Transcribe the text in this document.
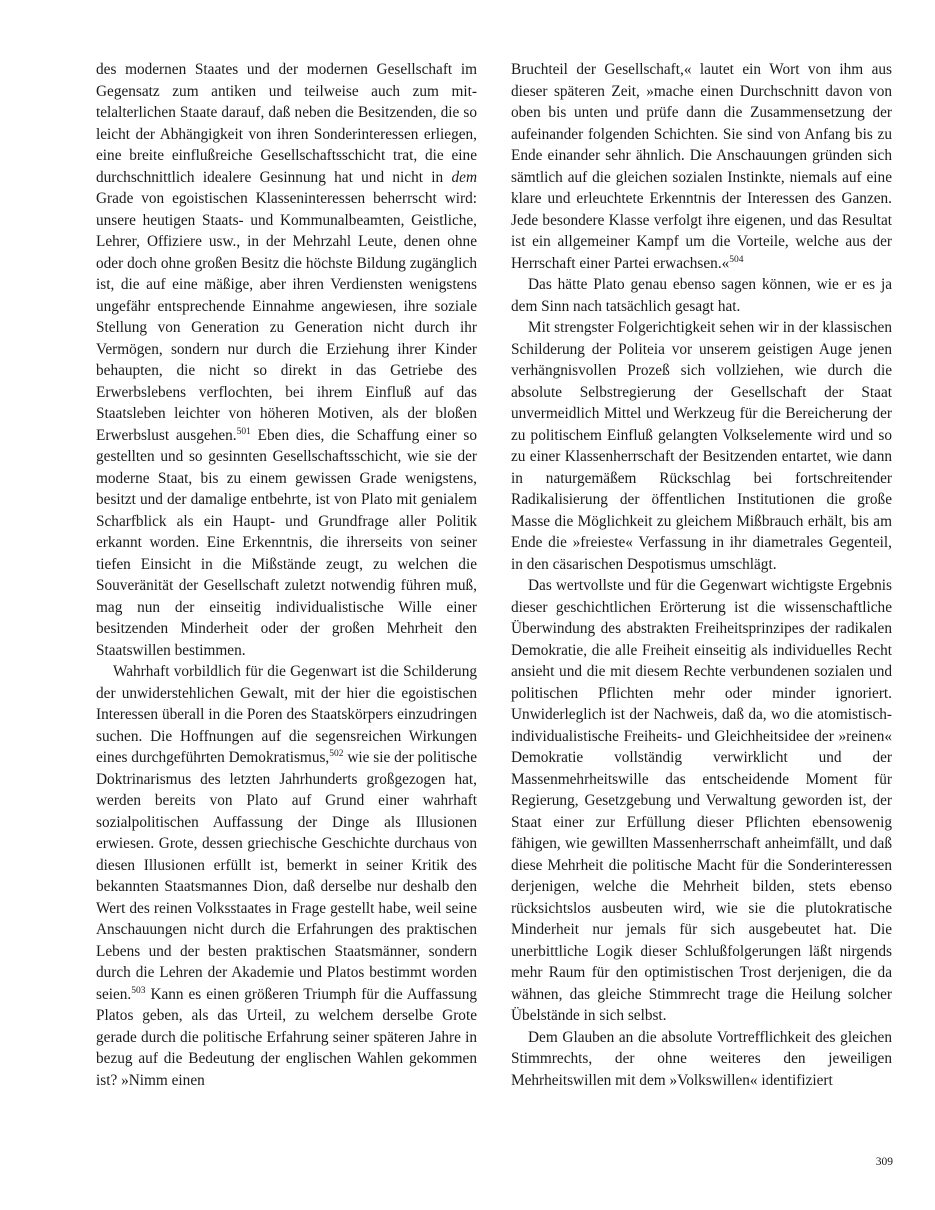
des modernen Staates und der modernen Gesellschaft im Gegensatz zum antiken und teilweise auch zum mittelalterlichen Staate darauf, daß neben die Besitzenden, die so leicht der Abhängigkeit von ihren Sonderinteressen erliegen, eine breite einflußreiche Gesellschaftsschicht trat, die eine durchschnittlich idealere Gesinnung hat und nicht in dem Grade von egoistischen Klasseninteressen beherrscht wird: unsere heutigen Staats- und Kommunalbeamten, Geistliche, Lehrer, Offiziere usw., in der Mehrzahl Leute, denen ohne oder doch ohne großen Besitz die höchste Bildung zugänglich ist, die auf eine mäßige, aber ihren Verdiensten wenigstens ungefähr entsprechende Einnahme angewiesen, ihre soziale Stellung von Generation zu Generation nicht durch ihr Vermögen, sondern nur durch die Erziehung ihrer Kinder behaupten, die nicht so direkt in das Getriebe des Erwerbslebens verflochten, bei ihrem Einfluß auf das Staatsleben leichter von höheren Motiven, als der bloßen Erwerbslust ausgehen.$^{501}$ Eben dies, die Schaffung einer so gestellten und so gesinnten Gesellschaftsschicht, wie sie der moderne Staat, bis zu einem gewissen Grade wenigstens, besitzt und der damalige entbehrte, ist von Plato mit genialem Scharfblick als ein Haupt- und Grundfrage aller Politik erkannt worden. Eine Erkenntnis, die ihrerseits von seiner tiefen Einsicht in die Mißstände zeugt, zu welchen die Souveränität der Gesellschaft zuletzt notwendig führen muß, mag nun der einseitig individualistische Wille einer besitzenden Minderheit oder der großen Mehrheit den Staatswillen bestimmen.

Wahrhaft vorbildlich für die Gegenwart ist die Schilderung der unwiderstehlichen Gewalt, mit der hier die egoistischen Interessen überall in die Poren des Staatskörpers einzudringen suchen. Die Hoffnungen auf die segensreichen Wirkungen eines durchgeführten Demokratismus,$^{502}$ wie sie der politische Doktrinarismus des letzten Jahrhunderts großgezogen hat, werden bereits von Plato auf Grund einer wahrhaft sozialpolitischen Auffassung der Dinge als Illusionen erwiesen. Grote, dessen griechische Geschichte durchaus von diesen Illusionen erfüllt ist, bemerkt in seiner Kritik des bekannten Staatsmannes Dion, daß derselbe nur deshalb den Wert des reinen Volksstaates in Frage gestellt habe, weil seine Anschauungen nicht durch die Erfahrungen des praktischen Lebens und der besten praktischen Staatsmänner, sondern durch die Lehren der Akademie und Platos bestimmt worden seien.$^{503}$ Kann es einen größeren Triumph für die Auffassung Platos geben, als das Urteil, zu welchem derselbe Grote gerade durch die politische Erfahrung seiner späteren Jahre in bezug auf die Bedeutung der englischen Wahlen gekommen ist? »Nimm einen

Bruchteil der Gesellschaft,« lautet ein Wort von ihm aus dieser späteren Zeit, »mache einen Durchschnitt davon von oben bis unten und prüfe dann die Zusammensetzung der aufeinander folgenden Schichten. Sie sind von Anfang bis zu Ende einander sehr ähnlich. Die Anschauungen gründen sich sämtlich auf die gleichen sozialen Instinkte, niemals auf eine klare und erleuchtete Erkenntnis der Interessen des Ganzen. Jede besondere Klasse verfolgt ihre eigenen, und das Resultat ist ein allgemeiner Kampf um die Vorteile, welche aus der Herrschaft einer Partei erwachsen.«$^{504}$

Das hätte Plato genau ebenso sagen können, wie er es ja dem Sinn nach tatsächlich gesagt hat.

Mit strengster Folgerichtigkeit sehen wir in der klassischen Schilderung der Politeia vor unserem geistigen Auge jenen verhängnisvollen Prozeß sich vollziehen, wie durch die absolute Selbstregierung der Gesellschaft der Staat unvermeidlich Mittel und Werkzeug für die Bereicherung der zu politischem Einfluß gelangten Volkselemente wird und so zu einer Klassenherrschaft der Besitzenden entartet, wie dann in naturgemäßem Rückschlag bei fortschreitender Radikalisierung der öffentlichen Institutionen die große Masse die Möglichkeit zu gleichem Mißbrauch erhält, bis am Ende die »freieste« Verfassung in ihr diametrales Gegenteil, in den cäsarischen Despotismus umschlägt.

Das wertvollste und für die Gegenwart wichtigste Ergebnis dieser geschichtlichen Erörterung ist die wissenschaftliche Überwindung des abstrakten Freiheitsprinzipes der radikalen Demokratie, die alle Freiheit einseitig als individuelles Recht ansieht und die mit diesem Rechte verbundenen sozialen und politischen Pflichten mehr oder minder ignoriert. Unwiderleglich ist der Nachweis, daß da, wo die atomistisch-individualistische Freiheits- und Gleichheitsidee der »reinen« Demokratie vollständig verwirklicht und der Massenmehrheitswille das entscheidende Moment für Regierung, Gesetzgebung und Verwaltung geworden ist, der Staat einer zur Erfüllung dieser Pflichten ebensowenig fähigen, wie gewillten Massenherrschaft anheimfällt, und daß diese Mehrheit die politische Macht für die Sonderinteressen derjenigen, welche die Mehrheit bilden, stets ebenso rücksichtslos ausbeuten wird, wie sie die plutokratische Minderheit nur jemals für sich ausgebeutet hat. Die unerbittliche Logik dieser Schlußfolgerungen läßt nirgends mehr Raum für den optimistischen Trost derjenigen, die da wähnen, das gleiche Stimmrecht trage die Heilung solcher Übelstände in sich selbst.

Dem Glauben an die absolute Vortrefflichkeit des gleichen Stimmrechts, der ohne weiteres den jeweiligen Mehrheitswillen mit dem »Volkswillen« identifiziert

309
